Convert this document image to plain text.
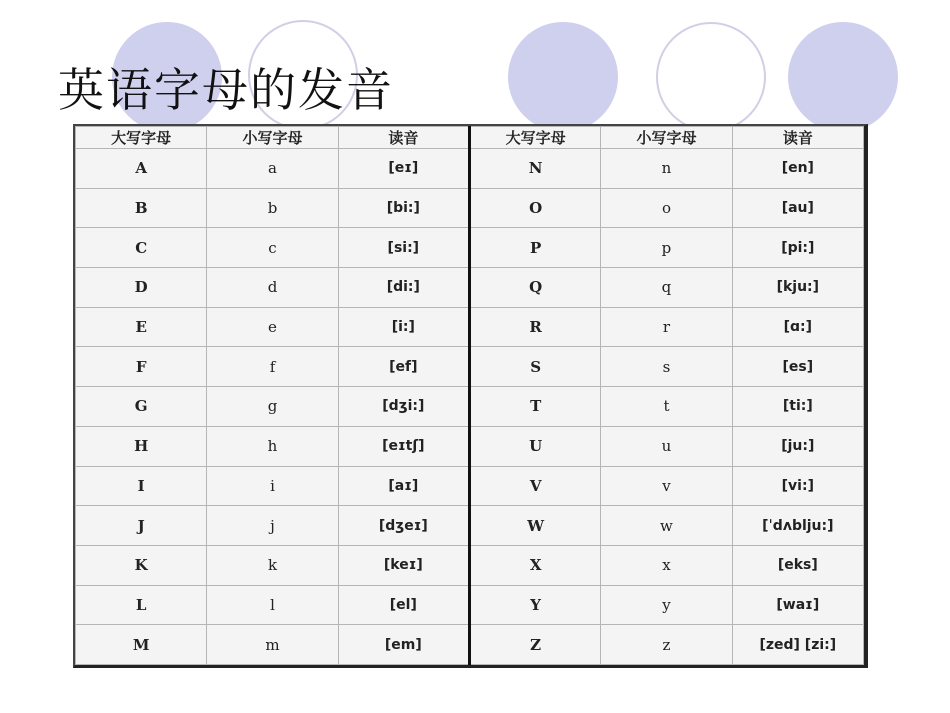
英语字母的发音
大写字母	小写字母	读音	大写字母	小写字母	读音
A	a	[eɪ]	N	n	[en]
B	b	[bi:]	O	o	[au]
C	c	[si:]	P	p	[pi:]
D	d	[di:]	Q	q	[kju:]
E	e	[i:]	R	r	[ɑ:]
F	f	[ef]	S	s	[es]
G	g	[dʒi:]	T	t	[ti:]
H	h	[eɪtʃ]	U	u	[ju:]
I	i	[aɪ]	V	v	[vi:]
J	j	[dʒeɪ]	W	w	[ˈdʌblju:]
K	k	[keɪ]	X	x	[eks]
L	l	[el]	Y	y	[waɪ]
M	m	[em]	Z	z	[zed] [zi:]
